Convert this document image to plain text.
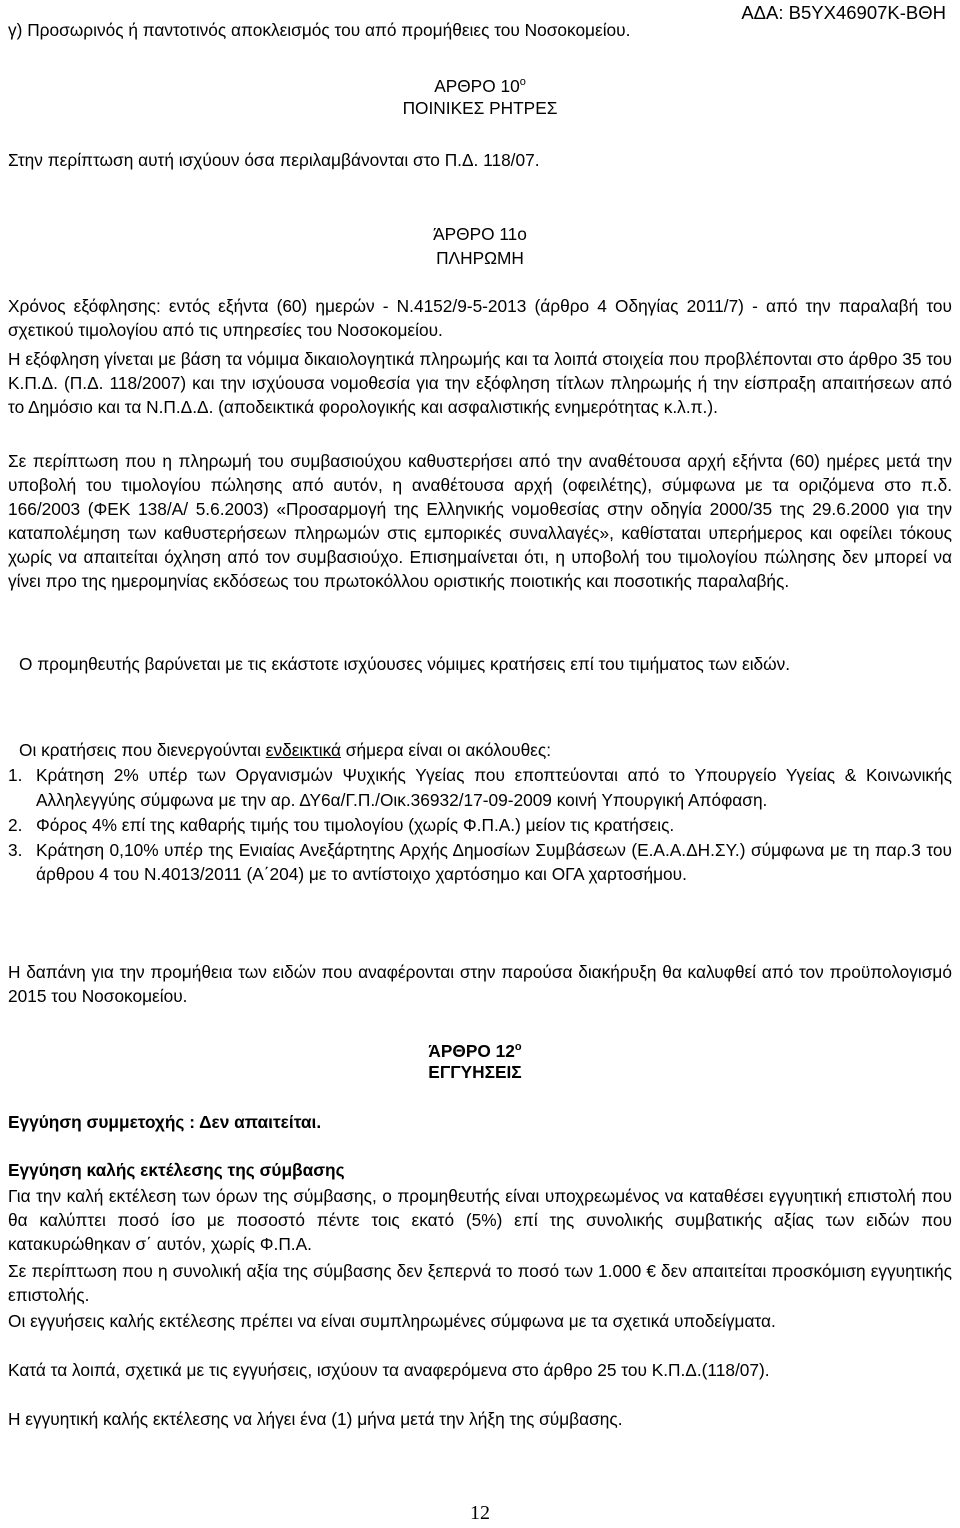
ΑΔΑ: Β5ΥΧ46907Κ-ΒΘΗ
γ) Προσωρινός ή παντοτινός αποκλεισμός του από προμήθειες του Νοσοκομείου.
ΑΡΘΡΟ $10^o$
ΠΟΙΝΙΚΕΣ ΡΗΤΡΕΣ
Στην περίπτωση αυτή ισχύουν όσα περιλαμβάνονται στο Π.Δ. 118/07.
ΆΡΘΡΟ 11ο
ΠΛΗΡΩΜΗ
Χρόνος εξόφλησης: εντός εξήντα (60) ημερών - Ν.4152/9-5-2013 (άρθρο 4 Οδηγίας 2011/7) - από την παραλαβή του σχετικού τιμολογίου από τις υπηρεσίες του Νοσοκομείου.
Η εξόφληση γίνεται με βάση τα νόμιμα δικαιολογητικά πληρωμής και τα λοιπά στοιχεία που προβλέπονται στο άρθρο 35 του Κ.Π.Δ. (Π.Δ. 118/2007) και την ισχύουσα νομοθεσία για την εξόφληση τίτλων πληρωμής ή την είσπραξη απαιτήσεων από το Δημόσιο και τα Ν.Π.Δ.Δ. (αποδεικτικά φορολογικής και ασφαλιστικής ενημερότητας κ.λ.π.).
Σε περίπτωση που η πληρωμή του συμβασιούχου καθυστερήσει από την αναθέτουσα αρχή εξήντα (60) ημέρες μετά την υποβολή του τιμολογίου πώλησης από αυτόν, η αναθέτουσα αρχή (οφειλέτης), σύμφωνα με τα οριζόμενα στο π.δ. 166/2003 (ΦΕΚ 138/Α/ 5.6.2003) «Προσαρμογή της Ελληνικής νομοθεσίας στην οδηγία 2000/35 της 29.6.2000 για την καταπολέμηση των καθυστερήσεων πληρωμών στις εμπορικές συναλλαγές», καθίσταται υπερήμερος και οφείλει τόκους χωρίς να απαιτείται όχληση από τον συμβασιούχο. Επισημαίνεται ότι, η υποβολή του τιμολογίου πώλησης δεν μπορεί να γίνει προ της ημερομηνίας εκδόσεως του πρωτοκόλλου οριστικής ποιοτικής και ποσοτικής παραλαβής.
Ο προμηθευτής βαρύνεται με τις εκάστοτε ισχύουσες νόμιμες κρατήσεις επί του τιμήματος των ειδών.
Οι κρατήσεις που διενεργούνται ενδεικτικά σήμερα είναι οι ακόλουθες:
1. Κράτηση 2% υπέρ των Οργανισμών Ψυχικής Υγείας που εποπτεύονται από το Υπουργείο Υγείας & Κοινωνικής Αλληλεγγύης σύμφωνα με την αρ. ΔΥ6α/Γ.Π./Οικ.36932/17-09-2009 κοινή Υπουργική Απόφαση.
2. Φόρος 4% επί της καθαρής τιμής του τιμολογίου (χωρίς Φ.Π.Α.) μείον τις κρατήσεις.
3. Κράτηση 0,10% υπέρ της Ενιαίας Ανεξάρτητης Αρχής Δημοσίων Συμβάσεων (Ε.Α.Α.ΔΗ.ΣΥ.) σύμφωνα με τη παρ.3 του άρθρου 4 του Ν.4013/2011 (Α΄204) με το αντίστοιχο χαρτόσημο και ΟΓΑ χαρτοσήμου.
Η δαπάνη για την προμήθεια των ειδών που αναφέρονται στην παρούσα διακήρυξη θα καλυφθεί από τον προϋπολογισμό 2015 του Νοσοκομείου.
ΆΡΘΡΟ $12^o$
ΕΓΓΥΗΣΕΙΣ
Εγγύηση συμμετοχής : Δεν απαιτείται.
Εγγύηση καλής εκτέλεσης της σύμβασης
Για την καλή εκτέλεση των όρων της σύμβασης, ο προμηθευτής είναι υποχρεωμένος να καταθέσει εγγυητική επιστολή που θα καλύπτει ποσό ίσο με ποσοστό πέντε τοις εκατό (5%) επί της συνολικής συμβατικής αξίας των ειδών που κατακυρώθηκαν σ΄ αυτόν, χωρίς Φ.Π.Α.
Σε περίπτωση που η συνολική αξία της σύμβασης δεν ξεπερνά το ποσό των 1.000 € δεν απαιτείται προσκόμιση εγγυητικής επιστολής.
Οι εγγυήσεις καλής εκτέλεσης πρέπει να είναι συμπληρωμένες σύμφωνα με τα σχετικά υποδείγματα.
Κατά τα λοιπά, σχετικά με τις εγγυήσεις, ισχύουν τα αναφερόμενα στο άρθρο 25 του Κ.Π.Δ.(118/07).
Η εγγυητική καλής εκτέλεσης να λήγει ένα (1) μήνα μετά την λήξη της σύμβασης.
12
